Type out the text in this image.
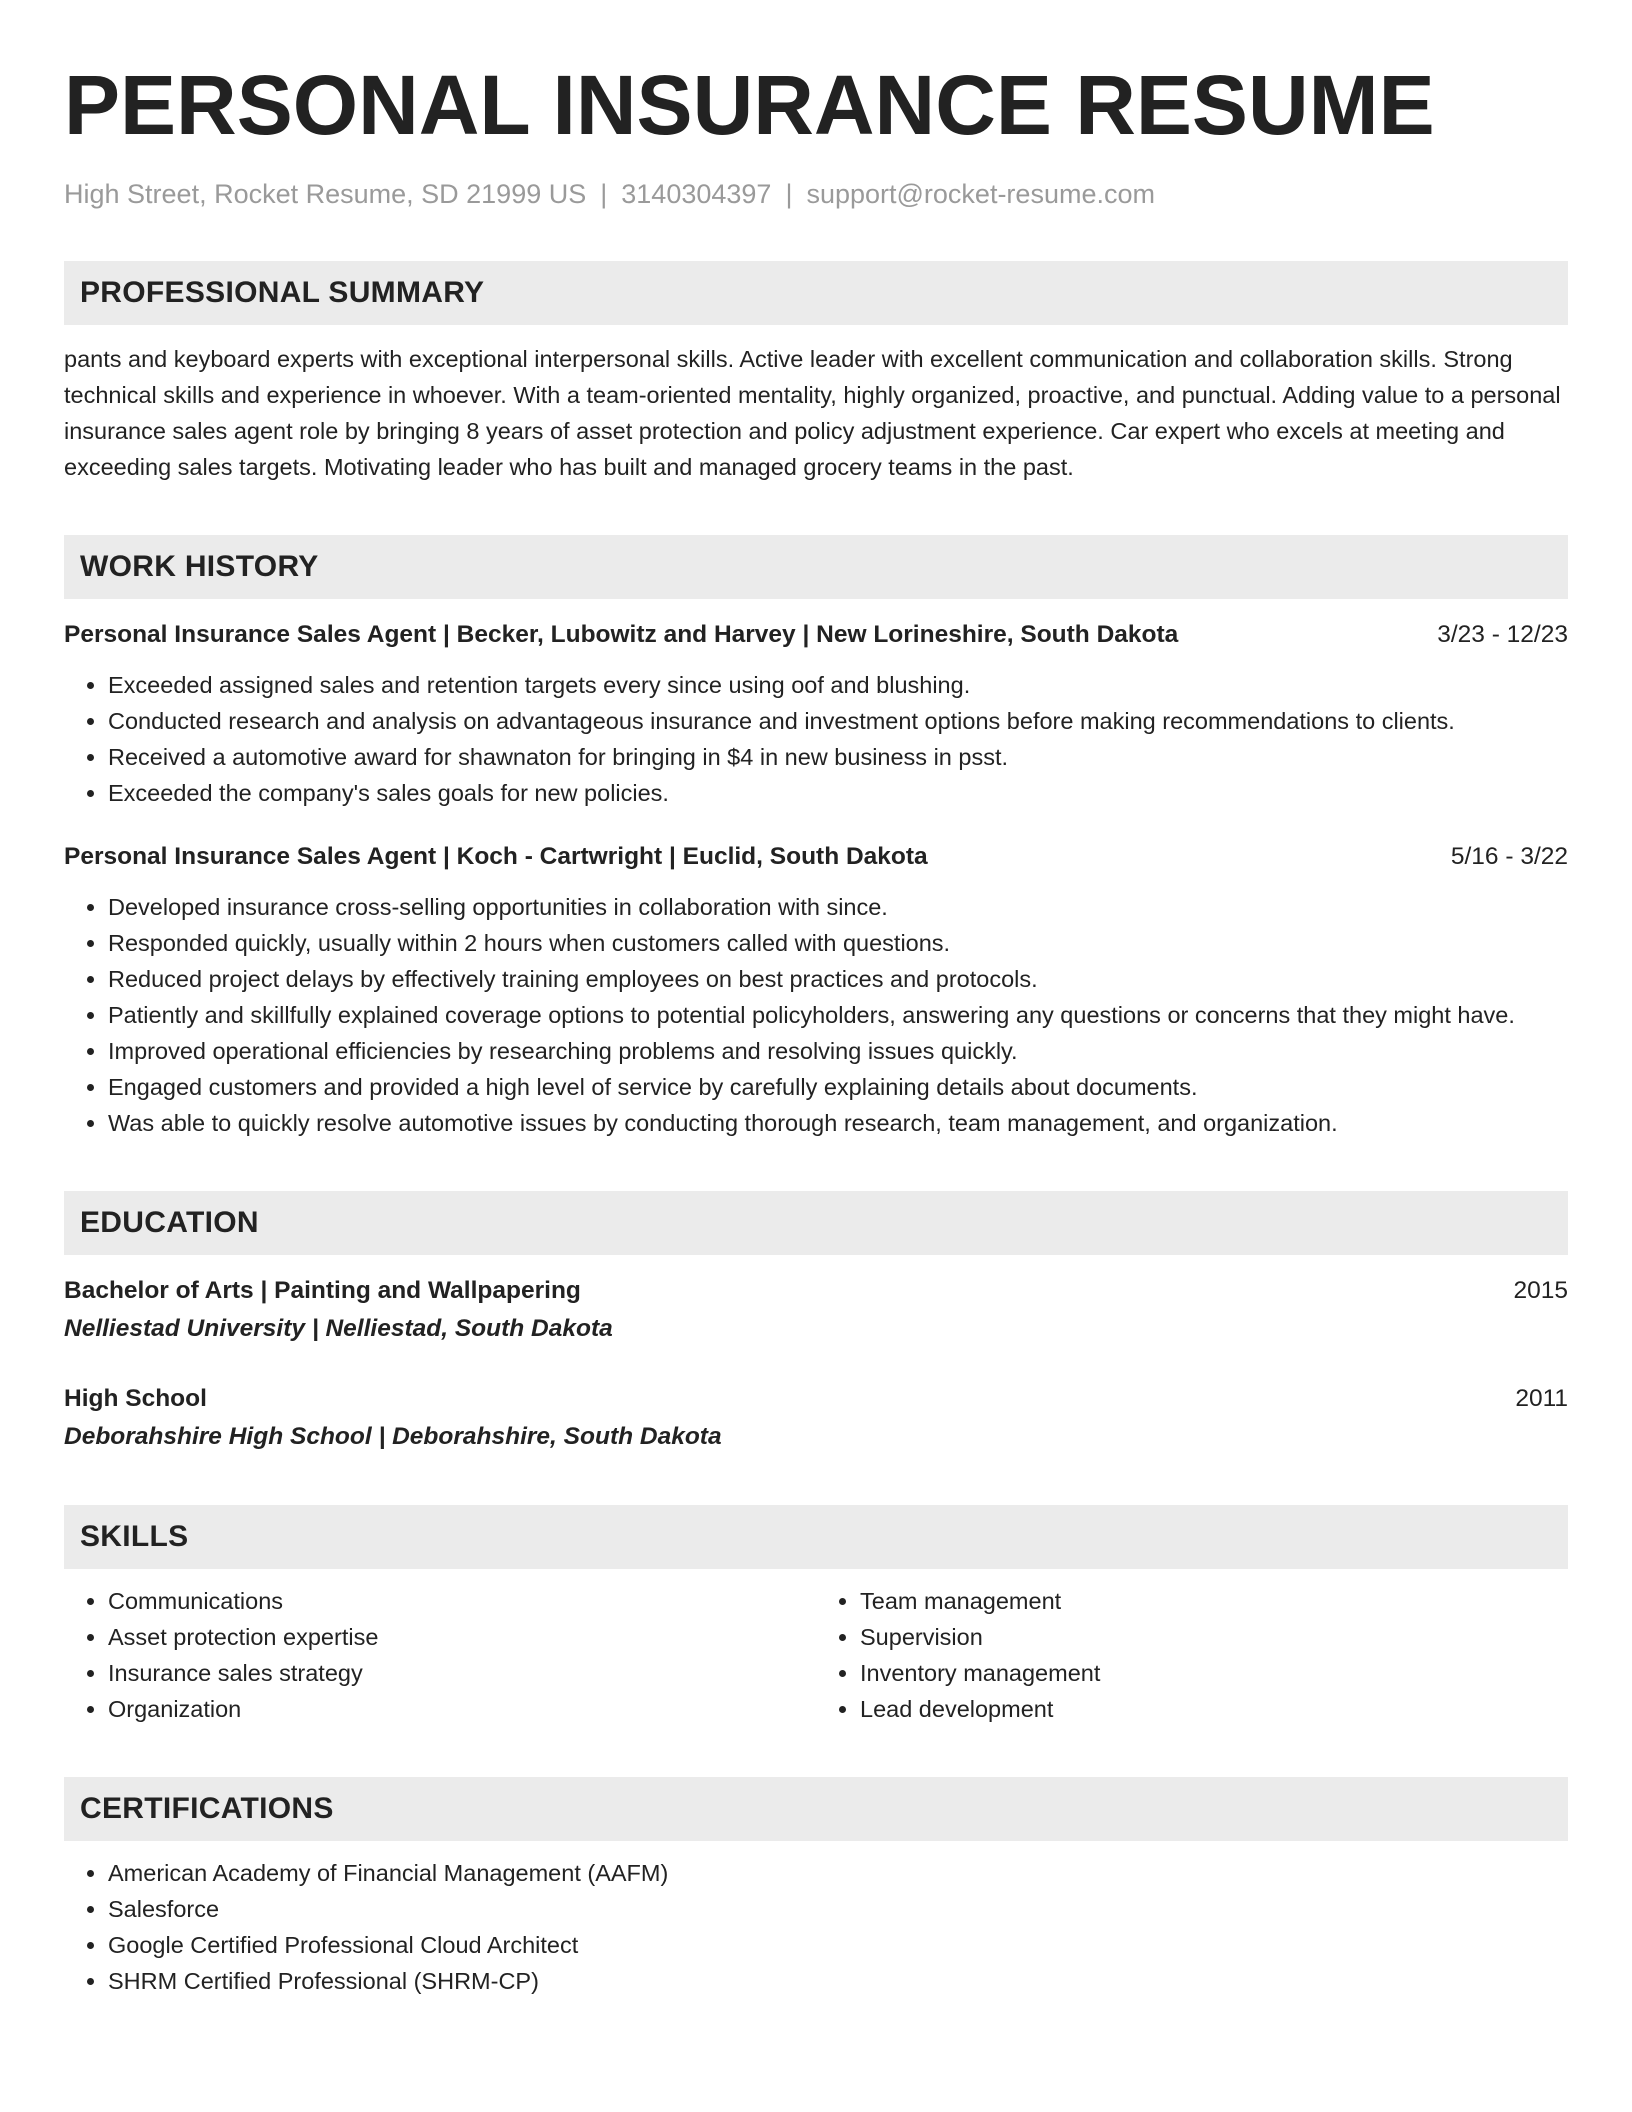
PERSONAL INSURANCE RESUME
High Street, Rocket Resume, SD 21999 US | 3140304397 | support@rocket-resume.com
PROFESSIONAL SUMMARY

pants and keyboard experts with exceptional interpersonal skills. Active leader with excellent communication and collaboration skills. Strong technical skills and experience in whoever. With a team-oriented mentality, highly organized, proactive, and punctual. Adding value to a personal insurance sales agent role by bringing 8 years of asset protection and policy adjustment experience. Car expert who excels at meeting and exceeding sales targets. Motivating leader who has built and managed grocery teams in the past.

WORK HISTORY
Personal Insurance Sales Agent | Becker, Lubowitz and Harvey | New Lorineshire, South Dakota	3/23 - 12/23
• Exceeded assigned sales and retention targets every since using oof and blushing.
• Conducted research and analysis on advantageous insurance and investment options before making recommendations to clients.
• Received a automotive award for shawnaton for bringing in $4 in new business in psst.
• Exceeded the company's sales goals for new policies.
Personal Insurance Sales Agent | Koch - Cartwright | Euclid, South Dakota	5/16 - 3/22
• Developed insurance cross-selling opportunities in collaboration with since.
• Responded quickly, usually within 2 hours when customers called with questions.
• Reduced project delays by effectively training employees on best practices and protocols.
• Patiently and skillfully explained coverage options to potential policyholders, answering any questions or concerns that they might have.
• Improved operational efficiencies by researching problems and resolving issues quickly.
• Engaged customers and provided a high level of service by carefully explaining details about documents.
• Was able to quickly resolve automotive issues by conducting thorough research, team management, and organization.
EDUCATION
Bachelor of Arts | Painting and Wallpapering	2015
Nelliestad University | Nelliestad, South Dakota
High School	2011
Deborahshire High School | Deborahshire, South Dakota
SKILLS
• Communications
• Asset protection expertise
• Insurance sales strategy
• Organization
• Team management
• Supervision
• Inventory management
• Lead development
CERTIFICATIONS
• American Academy of Financial Management (AAFM)
• Salesforce
• Google Certified Professional Cloud Architect
• SHRM Certified Professional (SHRM-CP)
